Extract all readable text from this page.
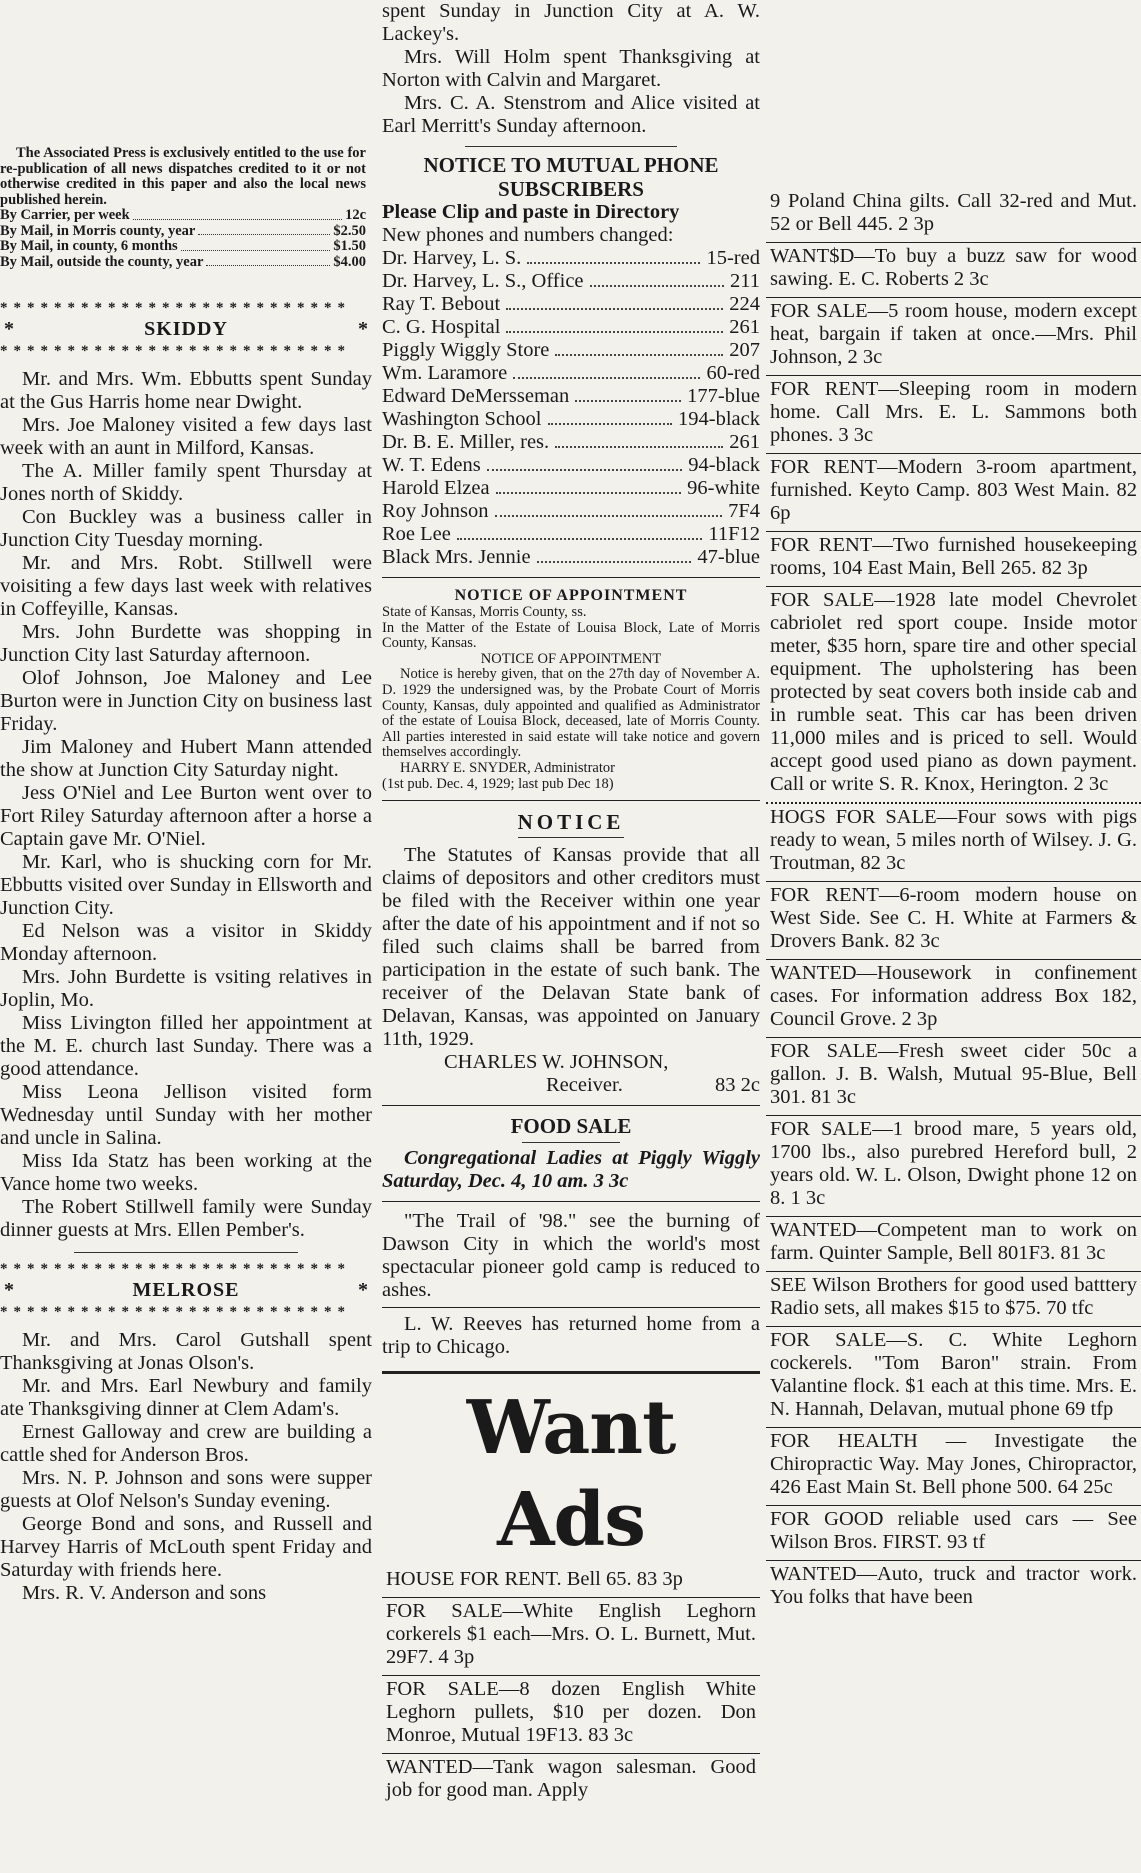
The Associated Press is exclusively entitled to the use for re-publication of all news dispatches credited to it or not otherwise credited in this paper and also the local news published herein.

By Carrier, per week	12c
By Mail, in Morris county, year	$2.50
By Mail, in county, 6 months	$1.50
By Mail, outside the county, year	$4.00
**************************
*	SKIDDY	*
**************************

Mr. and Mrs. Wm. Ebbutts spent Sunday at the Gus Harris home near Dwight.

Mrs. Joe Maloney visited a few days last week with an aunt in Milford, Kansas.

The A. Miller family spent Thursday at Jones north of Skiddy.

Con Buckley was a business caller in Junction City Tuesday morning.

Mr. and Mrs. Robt. Stillwell were voisiting a few days last week with relatives in Coffeyille, Kansas.

Mrs. John Burdette was shopping in Junction City last Saturday afternoon.

Olof Johnson, Joe Maloney and Lee Burton were in Junction City on business last Friday.

Jim Maloney and Hubert Mann attended the show at Junction City Saturday night.

Jess O'Niel and Lee Burton went over to Fort Riley Saturday afternoon after a horse a Captain gave Mr. O'Niel.

Mr. Karl, who is shucking corn for Mr. Ebbutts visited over Sunday in Ellsworth and Junction City.

Ed Nelson was a visitor in Skiddy Monday afternoon.

Mrs. John Burdette is vsiting relatives in Joplin, Mo.

Miss Livington filled her appointment at the M. E. church last Sunday. There was a good attendance.

Miss Leona Jellison visited form Wednesday until Sunday with her mother and uncle in Salina.

Miss Ida Statz has been working at the Vance home two weeks.

The Robert Stillwell family were Sunday dinner guests at Mrs. Ellen Pember's.

**************************
*	MELROSE	*
**************************

Mr. and Mrs. Carol Gutshall spent Thanksgiving at Jonas Olson's.

Mr. and Mrs. Earl Newbury and family ate Thanksgiving dinner at Clem Adam's.

Ernest Galloway and crew are building a cattle shed for Anderson Bros.

Mrs. N. P. Johnson and sons were supper guests at Olof Nelson's Sunday evening.

George Bond and sons, and Russell and Harvey Harris of McLouth spent Friday and Saturday with friends here.

Mrs. R. V. Anderson and sons

spent Sunday in Junction City at A. W. Lackey's.

Mrs. Will Holm spent Thanksgiving at Norton with Calvin and Margaret.

Mrs. C. A. Stenstrom and Alice visited at Earl Merritt's Sunday afternoon.

NOTICE TO MUTUAL PHONE SUBSCRIBERS
Please Clip and paste in Directory
New phones and numbers changed:
Dr. Harvey, L. S.	15-red
Dr. Harvey, L. S., Office	211
Ray T. Bebout	224
C. G. Hospital	261
Piggly Wiggly Store	207
Wm. Laramore	60-red
Edward DeMersseman	177-blue
Washington School	194-black
Dr. B. E. Miller, res.	261
W. T. Edens	94-black
Harold Elzea	96-white
Roy Johnson	7F4
Roe Lee	11F12
Black Mrs. Jennie	47-blue
NOTICE OF APPOINTMENT

State of Kansas, Morris County, ss.

In the Matter of the Estate of Louisa Block, Late of Morris County, Kansas.

NOTICE OF APPOINTMENT

Notice is hereby given, that on the 27th day of November A. D. 1929 the undersigned was, by the Probate Court of Morris County, Kansas, duly appointed and qualified as Administrator of the estate of Louisa Block, deceased, late of Morris County. All parties interested in said estate will take notice and govern themselves accordingly.

HARRY E. SNYDER, Administrator

(1st pub. Dec. 4, 1929; last pub Dec 18)

NOTICE

The Statutes of Kansas provide that all claims of depositors and other creditors must be filed with the Receiver within one year after the date of his appointment and if not so filed such claims shall be barred from participation in the estate of such bank. The receiver of the Delavan State bank of Delavan, Kansas, was appointed on January 11th, 1929.

CHARLES W. JOHNSON,

Receiver.	83 2c
FOOD SALE

Congregational Ladies at Piggly Wiggly Saturday, Dec. 4, 10 am. 3 3c

"The Trail of '98." see the burning of Dawson City in which the world's most spectacular pioneer gold camp is reduced to ashes.

L. W. Reeves has returned home from a trip to Chicago.

Want Ads

HOUSE FOR RENT. Bell 65. 83 3p

FOR SALE—White English Leghorn corkerels $1 each—Mrs. O. L. Burnett, Mut. 29F7. 4 3p

FOR SALE—8 dozen English White Leghorn pullets, $10 per dozen. Don Monroe, Mutual 19F13. 83 3c

WANTED—Tank wagon salesman. Good job for good man. Apply

9 Poland China gilts. Call 32-red and Mut. 52 or Bell 445. 2 3p

WANT$D—To buy a buzz saw for wood sawing. E. C. Roberts 2 3c

FOR SALE—5 room house, modern except heat, bargain if taken at once.—Mrs. Phil Johnson, 2 3c

FOR RENT—Sleeping room in modern home. Call Mrs. E. L. Sammons both phones. 3 3c

FOR RENT—Modern 3-room apartment, furnished. Keyto Camp. 803 West Main. 82 6p

FOR RENT—Two furnished housekeeping rooms, 104 East Main, Bell 265. 82 3p

FOR SALE—1928 late model Chevrolet cabriolet red sport coupe. Inside motor meter, $35 horn, spare tire and other special equipment. The upholstering has been protected by seat covers both inside cab and in rumble seat. This car has been driven 11,000 miles and is priced to sell. Would accept good used piano as down payment. Call or write S. R. Knox, Herington. 2 3c

HOGS FOR SALE—Four sows with pigs ready to wean, 5 miles north of Wilsey. J. G. Troutman, 82 3c

FOR RENT—6-room modern house on West Side. See C. H. White at Farmers & Drovers Bank. 82 3c

WANTED—Housework in confinement cases. For information address Box 182, Council Grove. 2 3p

FOR SALE—Fresh sweet cider 50c a gallon. J. B. Walsh, Mutual 95-Blue, Bell 301. 81 3c

FOR SALE—1 brood mare, 5 years old, 1700 lbs., also purebred Hereford bull, 2 years old. W. L. Olson, Dwight phone 12 on 8. 1 3c

WANTED—Competent man to work on farm. Quinter Sample, Bell 801F3. 81 3c

SEE Wilson Brothers for good used batttery Radio sets, all makes $15 to $75. 70 tfc

FOR SALE—S. C. White Leghorn cockerels. "Tom Baron" strain. From Valantine flock. $1 each at this time. Mrs. E. N. Hannah, Delavan, mutual phone 69 tfp

FOR HEALTH — Investigate the Chiropractic Way. May Jones, Chiropractor, 426 East Main St. Bell phone 500. 64 25c

FOR GOOD reliable used cars — See Wilson Bros. FIRST. 93 tf

WANTED—Auto, truck and tractor work. You folks that have been
